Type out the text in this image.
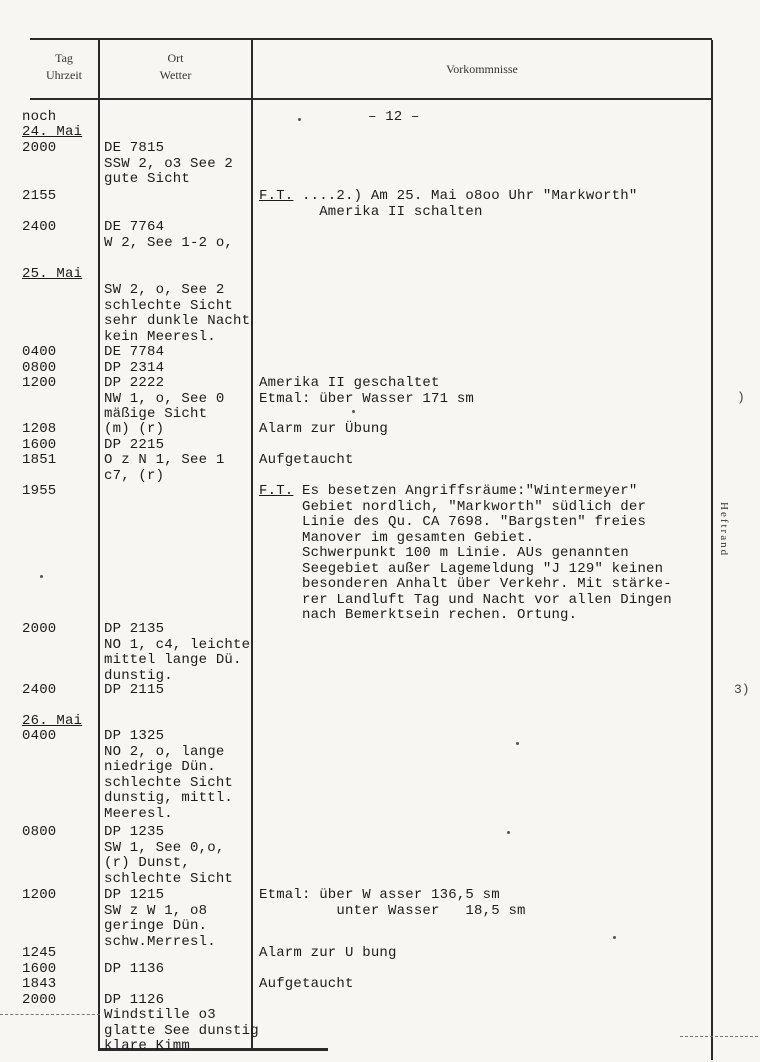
Tag
Uhrzeit
Ort
Wetter	Vorkommnisse
– 12 –
noch
24. Mai
2000
2155
2400
25. Mai
0400
0800
1200
1208
1600
1851
1955
2000
2400
26. Mai
0400
0800
1200
1245
1600
1843
2000
DE 7815
SSW 2, o3 See 2
gute Sicht
DE 7764
W 2, See 1-2 o,
SW 2, o, See 2
schlechte Sicht
sehr dunkle Nacht
kein Meeresl.
DE 7784
DP 2314
DP 2222
NW 1, o, See 0
mäßige Sicht
(m) (r)
DP 2215
O z N 1, See 1
c7, (r)
DP 2135
NO 1, c4, leichte
mittel lange Dü.
dunstig.
DP 2115
DP 1325
NO 2, o, lange
niedrige Dün.
schlechte Sicht
dunstig, mittl.
Meeresl.
DP 1235
SW 1, See 0,o,
(r) Dunst,
schlechte Sicht
DP 1215
SW z W 1, o8
geringe Dün.
schw.Merresl.

DP 1136

DP 1126
Windstille o3
glatte See dunstig
klare Kimm
F.T. ....2.) Am 25. Mai o8oo Uhr "Markworth"
Amerika II schalten

Amerika II geschaltet
Etmal: über Wasser 171 sm
Alarm zur Übung

Aufgetaucht
F.T. Es besetzen Angriffsräume:"Wintermeyer"
Gebiet nordlich, "Markworth" südlich der
Linie des Qu. CA 7698. "Bargsten" freies
Manover im gesamten Gebiet.
Schwerpunkt 100 m Linie. AUs genannten
Seegebiet außer Lagemeldung "J 129" keinen
besonderen Anhalt über Verkehr. Mit stärke-
rer Landluft Tag und Nacht vor allen Dingen
nach Bemerktsein rechen. Ortung.
Etmal: über W asser 136,5 sm
unter Wasser   18,5 sm
Alarm zur U bung

Aufgetaucht
Heftrand
)
3)
